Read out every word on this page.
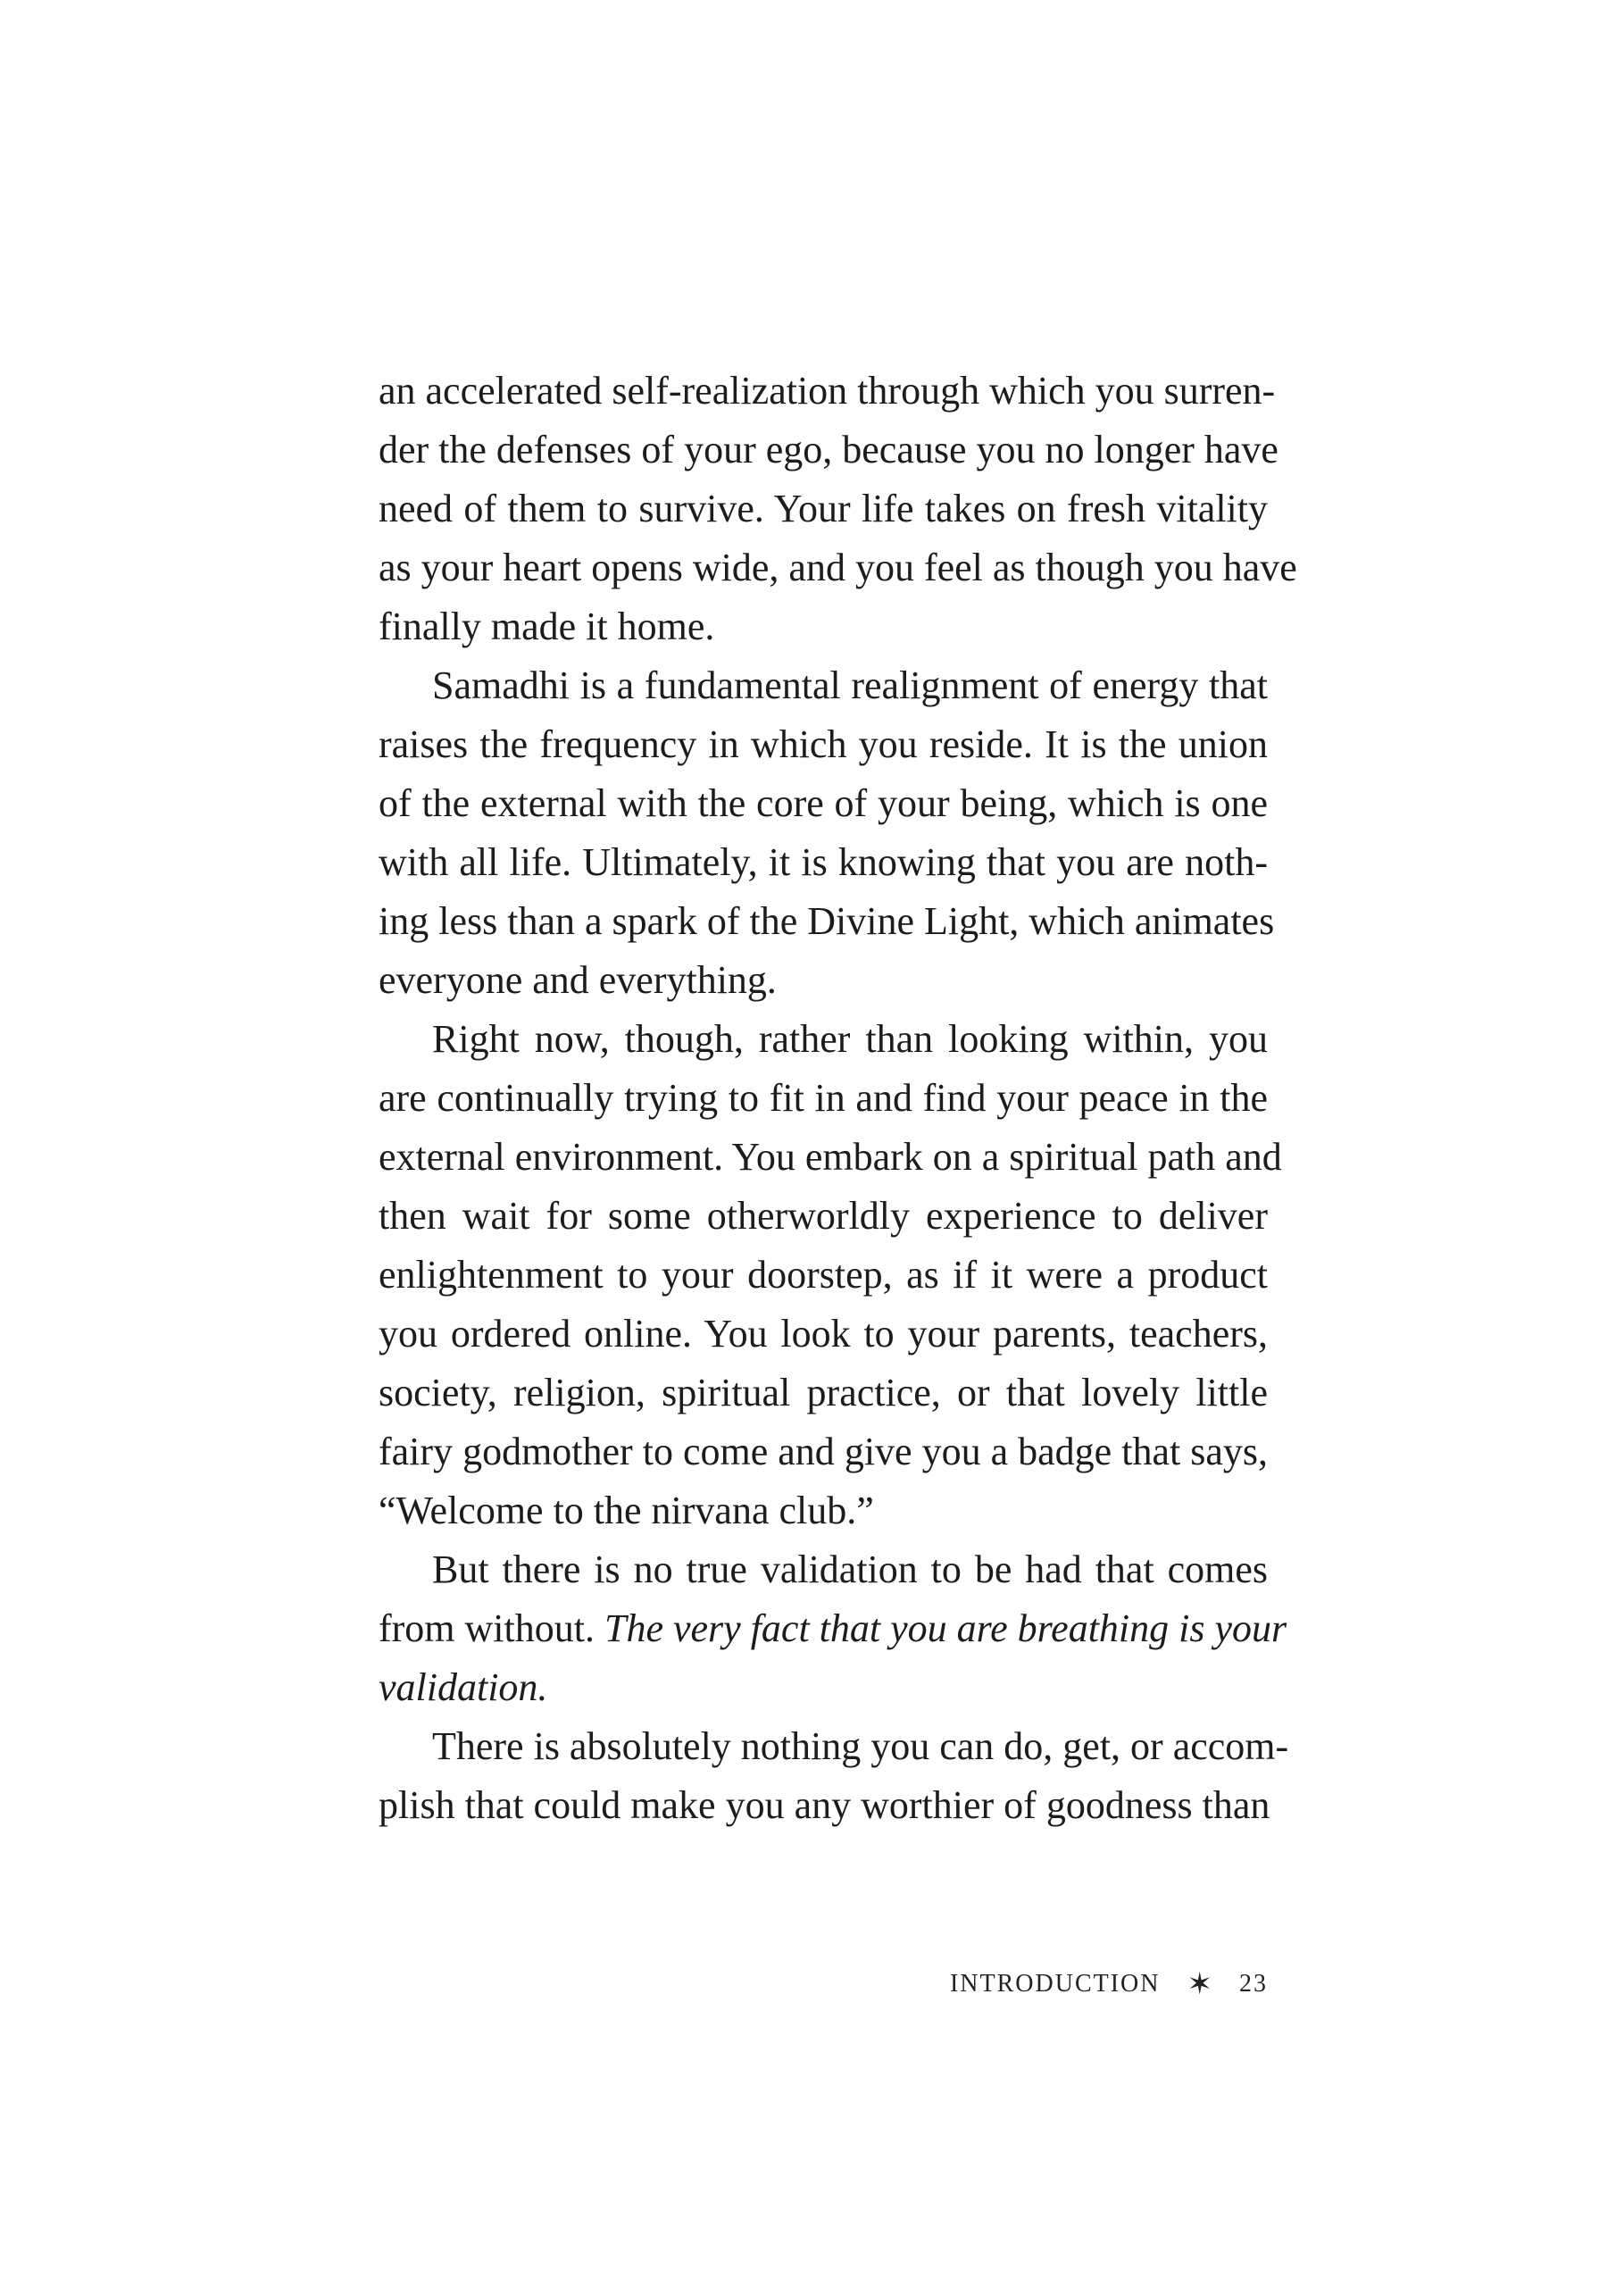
an accelerated self-realization through which you surren-
der the defenses of your ego, because you no longer have
need of them to survive. Your life takes on fresh vitality
as your heart opens wide, and you feel as though you have
finally made it home.

Samadhi is a fundamental realignment of energy that
raises the frequency in which you reside. It is the union
of the external with the core of your being, which is one
with all life. Ultimately, it is knowing that you are noth-
ing less than a spark of the Divine Light, which animates
everyone and everything.

Right now, though, rather than looking within, you
are continually trying to fit in and find your peace in the
external environment. You embark on a spiritual path and
then wait for some otherworldly experience to deliver
enlightenment to your doorstep, as if it were a product
you ordered online. You look to your parents, teachers,
society, religion, spiritual practice, or that lovely little
fairy godmother to come and give you a badge that says,
“Welcome to the nirvana club.”

But there is no true validation to be had that comes
from without. The very fact that you are breathing is your
validation.

There is absolutely nothing you can do, get, or accom-
plish that could make you any worthier of goodness than

INTRODUCTION ✶ 23
